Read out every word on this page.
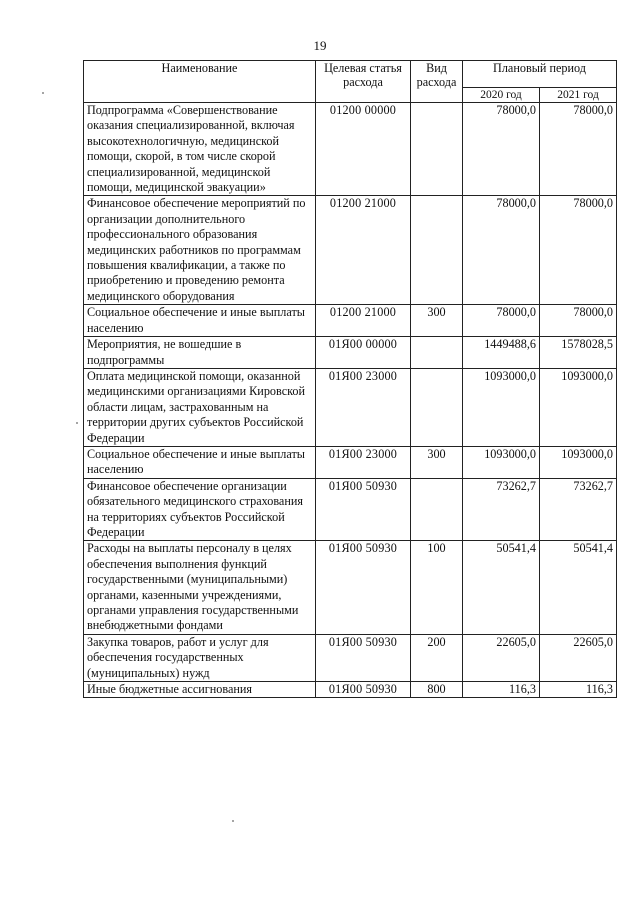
19
Наименование	Целевая статья расхода	Вид расхода	Плановый период	
			2020 год	2021 год
Подпрограмма «Совершенствование оказания специализированной, включая высокотехнологичную, медицинской помощи, скорой, в том числе скорой специализированной, медицинской помощи, медицинской эвакуации»	01200 00000		78000,0	78000,0
Финансовое обеспечение мероприятий по организации дополнительного профессионального образования медицинских работников по программам повышения квалификации, а также по приобретению и проведению ремонта медицинского оборудования	01200 21000		78000,0	78000,0
Социальное обеспечение и иные выплаты населению	01200 21000	300	78000,0	78000,0
Мероприятия, не вошедшие в подпрограммы	01Я00 00000		1449488,6	1578028,5
Оплата медицинской помощи, оказанной медицинскими организациями Кировской области лицам, застрахованным на территории других субъектов Российской Федерации	01Я00 23000		1093000,0	1093000,0
Социальное обеспечение и иные выплаты населению	01Я00 23000	300	1093000,0	1093000,0
Финансовое обеспечение организации обязательного медицинского страхования на территориях субъектов Российской Федерации	01Я00 50930		73262,7	73262,7
Расходы на выплаты персоналу в целях обеспечения выполнения функций государственными (муниципальными) органами, казенными учреждениями, органами управления государственными внебюджетными фондами	01Я00 50930	100	50541,4	50541,4
Закупка товаров, работ и услуг для обеспечения государственных (муниципальных) нужд	01Я00 50930	200	22605,0	22605,0
Иные бюджетные ассигнования	01Я00 50930	800	116,3	116,3
